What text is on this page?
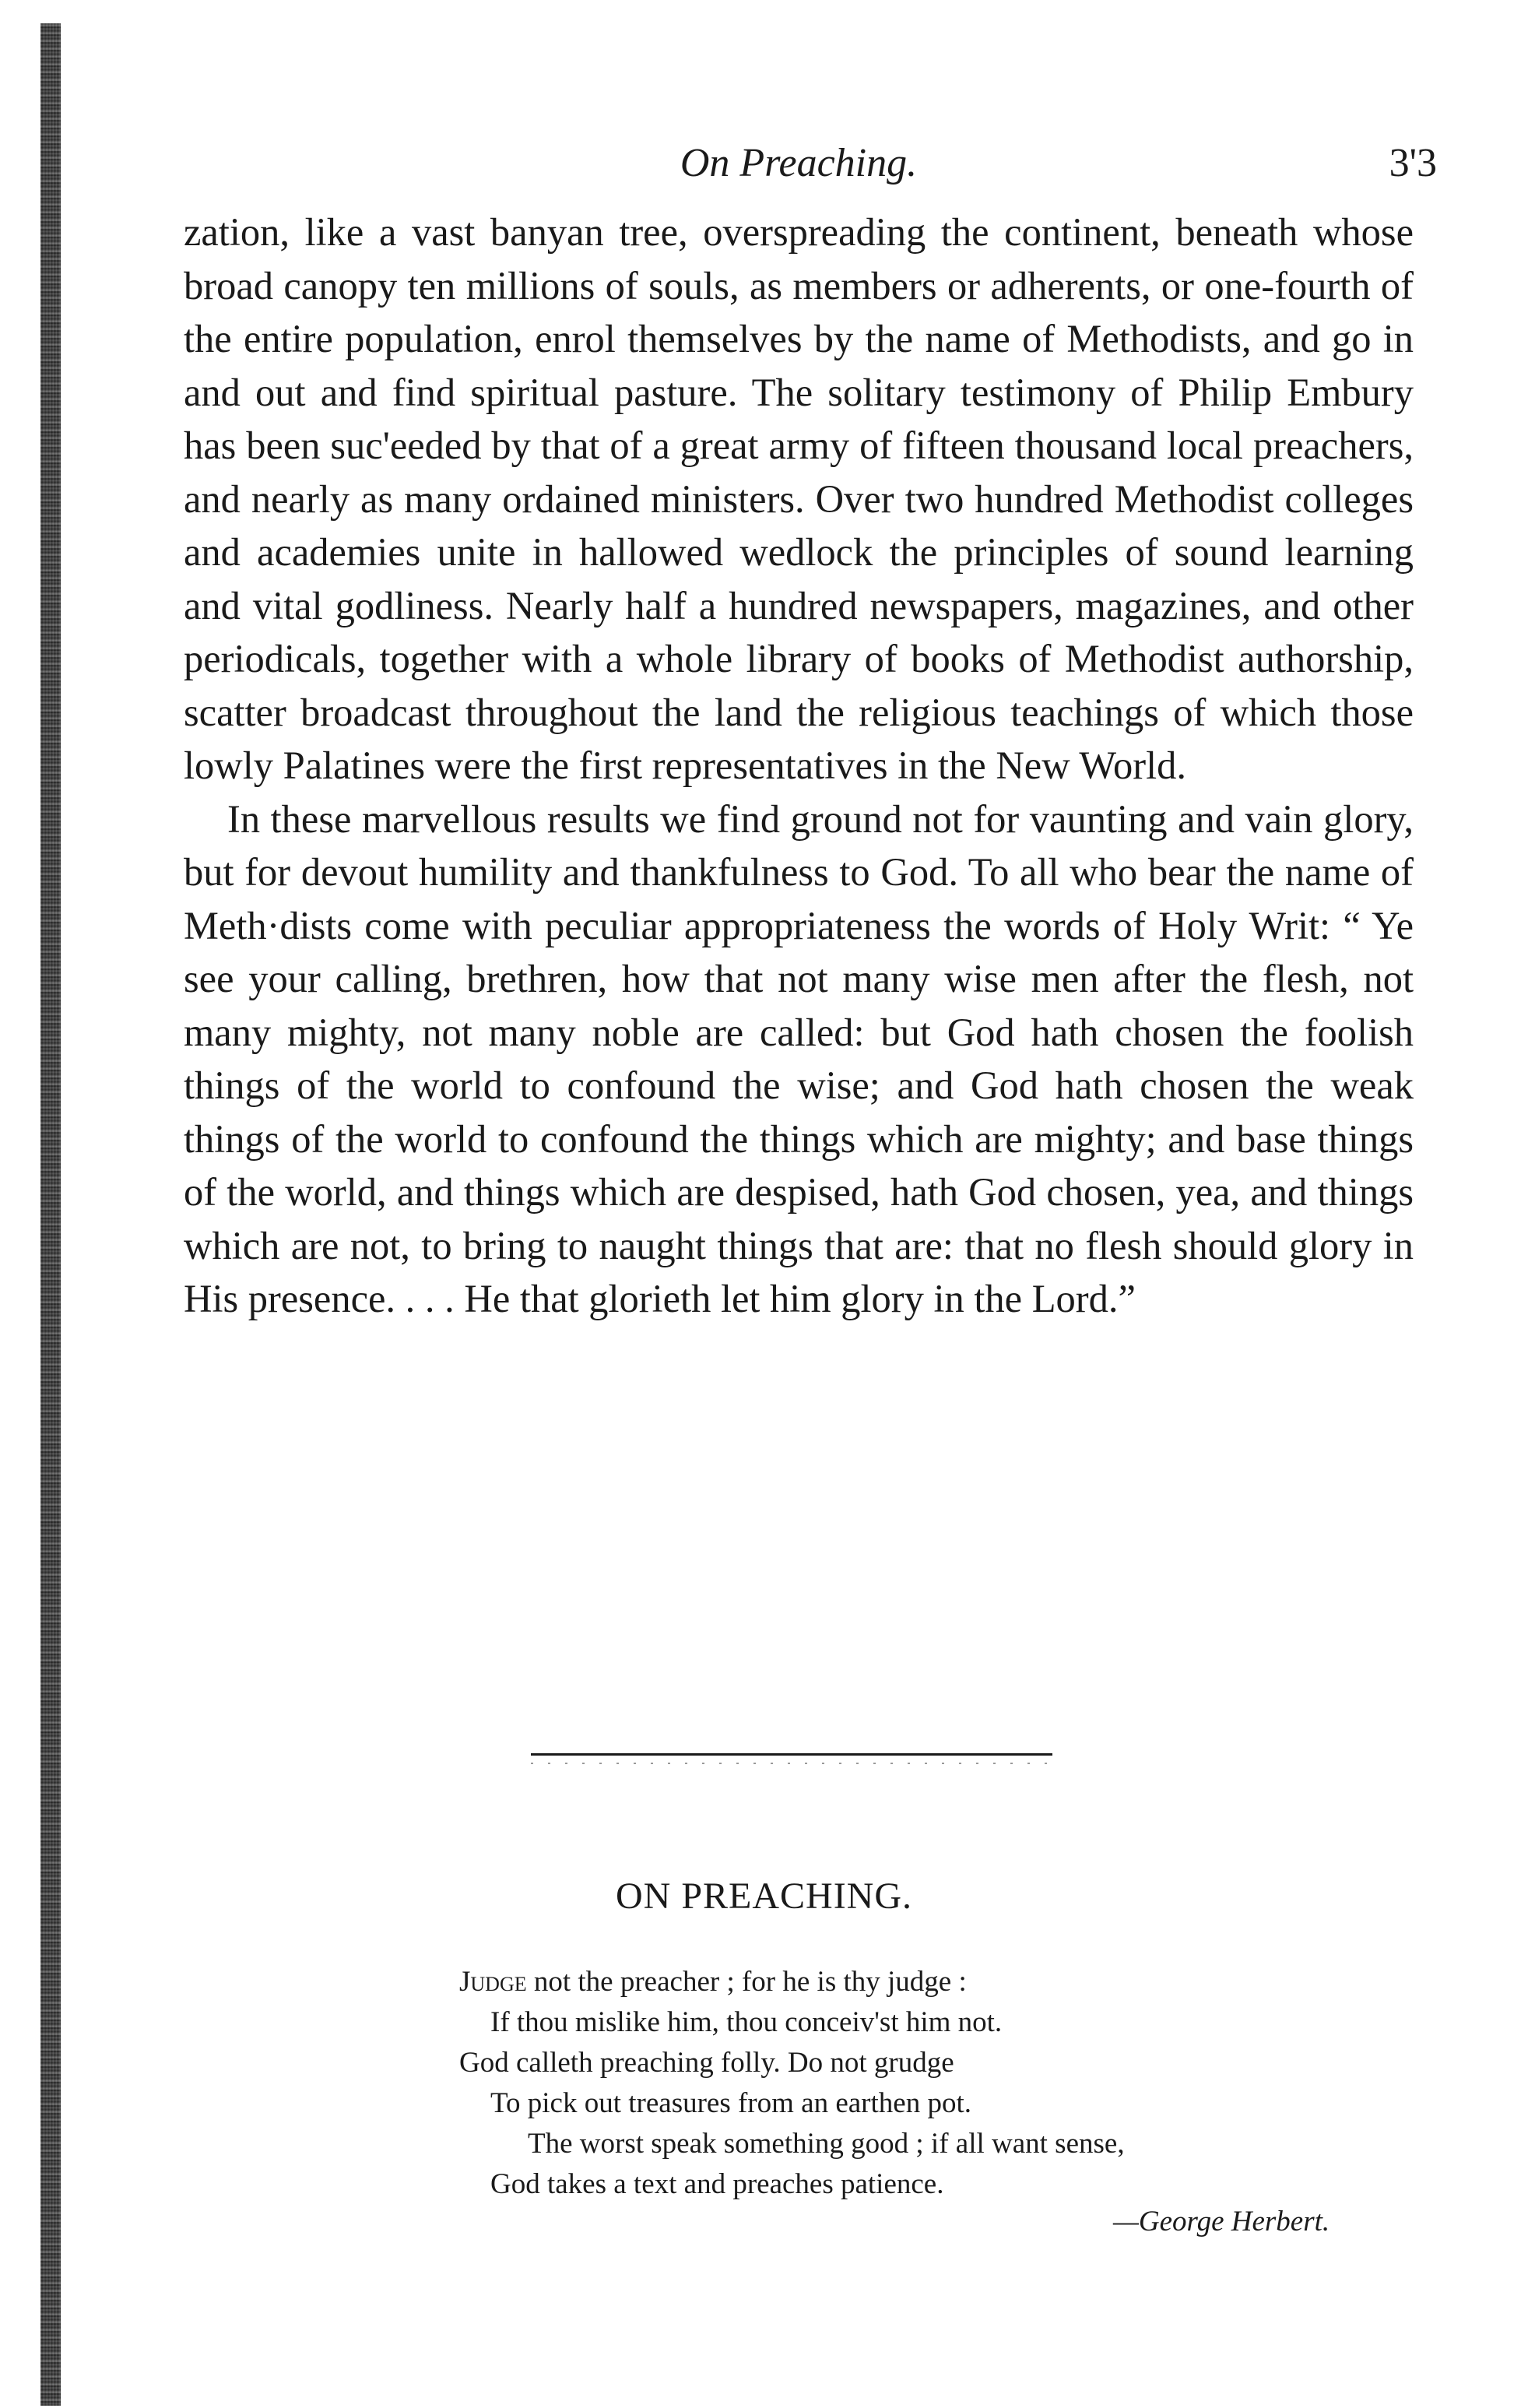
On Preaching.	3'3

zation, like a vast banyan tree, overspreading the continent, beneath whose broad canopy ten millions of souls, as members or adherents, or one-fourth of the entire population, enrol themselves by the name of Methodists, and go in and out and find spiritual pasture. The solitary testimony of Philip Embury has been suc'eeded by that of a great army of fifteen thousand local preachers, and nearly as many ordained ministers. Over two hundred Methodist colleges and academies unite in hallowed wedlock the principles of sound learning and vital godliness. Nearly half a hundred newspapers, magazines, and other periodicals, together with a whole library of books of Methodist authorship, scatter broadcast throughout the land the religious teachings of which those lowly Palatines were the first representatives in the New World.

In these marvellous results we find ground not for vaunting and vain glory, but for devout humility and thankfulness to God. To all who bear the name of Meth·dists come with peculiar appropriateness the words of Holy Writ: “ Ye see your calling, brethren, how that not many wise men after the flesh, not many mighty, not many noble are called: but God hath chosen the foolish things of the world to confound the wise; and God hath chosen the weak things of the world to confound the things which are mighty; and base things of the world, and things which are despised, hath God chosen, yea, and things which are not, to bring to naught things that are: that no flesh should glory in His presence. . . . He that glorieth let him glory in the Lord.”

ON PREACHING.
Judge not the preacher ; for he is thy judge :
If thou mislike him, thou conceiv'st him not.
God calleth preaching folly. Do not grudge
To pick out treasures from an earthen pot.
The worst speak something good ; if all want sense,
God takes a text and preaches patience.
—George Herbert.
